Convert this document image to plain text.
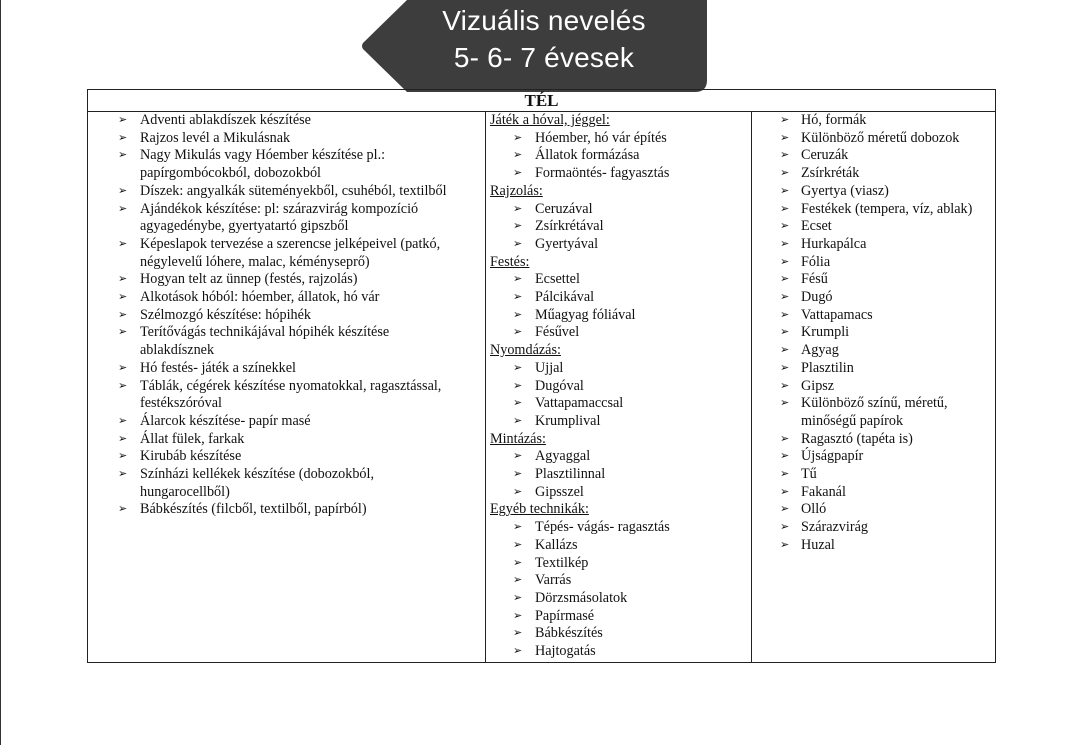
Vizuális nevelés
5- 6- 7 évesek
TÉL
➢ Adventi ablakdíszek készítése
➢ Rajzos levél a Mikulásnak
➢ Nagy Mikulás vagy Hóember készítése pl.:
papírgombócokból, dobozokból
➢ Díszek: angyalkák süteményekből, csuhéból, textilből
➢ Ajándékok készítése: pl: szárazvirág kompozíció
agyagedénybe, gyertyatartó gipszből
➢ Képeslapok tervezése a szerencse jelképeivel (patkó,
négylevelű lóhere, malac, kéményseprő)
➢ Hogyan telt az ünnep (festés, rajzolás)
➢ Alkotások hóból: hóember, állatok, hó vár
➢ Szélmozgó készítése: hópihék
➢ Terítővágás technikájával hópihék készítése
ablakdísznek
➢ Hó festés- játék a színekkel
➢ Táblák, cégérek készítése nyomatokkal, ragasztással,
festékszóróval
➢ Álarcok készítése- papír masé
➢ Állat fülek, farkak
➢ Kirubáb készítése
➢ Színházi kellékek készítése (dobozokból,
hungarocellből)
➢ Bábkészítés (filcből, textilből, papírból)
Játék a hóval, jéggel:
➢ Hóember, hó vár építés
➢ Állatok formázása
➢ Formaöntés- fagyasztás
Rajzolás:
➢ Ceruzával
➢ Zsírkrétával
➢ Gyertyával
Festés:
➢ Ecsettel
➢ Pálcikával
➢ Műagyag fóliával
➢ Fésűvel
Nyomdázás:
➢ Ujjal
➢ Dugóval
➢ Vattapamaccsal
➢ Krumplival
Mintázás:
➢ Agyaggal
➢ Plasztilinnal
➢ Gipsszel
Egyéb technikák:
➢ Tépés- vágás- ragasztás
➢ Kallázs
➢ Textilkép
➢ Varrás
➢ Dörzsmásolatok
➢ Papírmasé
➢ Bábkészítés
➢ Hajtogatás
➢ Hó, formák
➢ Különböző méretű dobozok
➢ Ceruzák
➢ Zsírkréták
➢ Gyertya (viasz)
➢ Festékek (tempera, víz, ablak)
➢ Ecset
➢ Hurkapálca
➢ Fólia
➢ Fésű
➢ Dugó
➢ Vattapamacs
➢ Krumpli
➢ Agyag
➢ Plasztilin
➢ Gipsz
➢ Különböző színű, méretű,
minőségű papírok
➢ Ragasztó (tapéta is)
➢ Újságpapír
➢ Tű
➢ Fakanál
➢ Olló
➢ Szárazvirág
➢ Huzal
